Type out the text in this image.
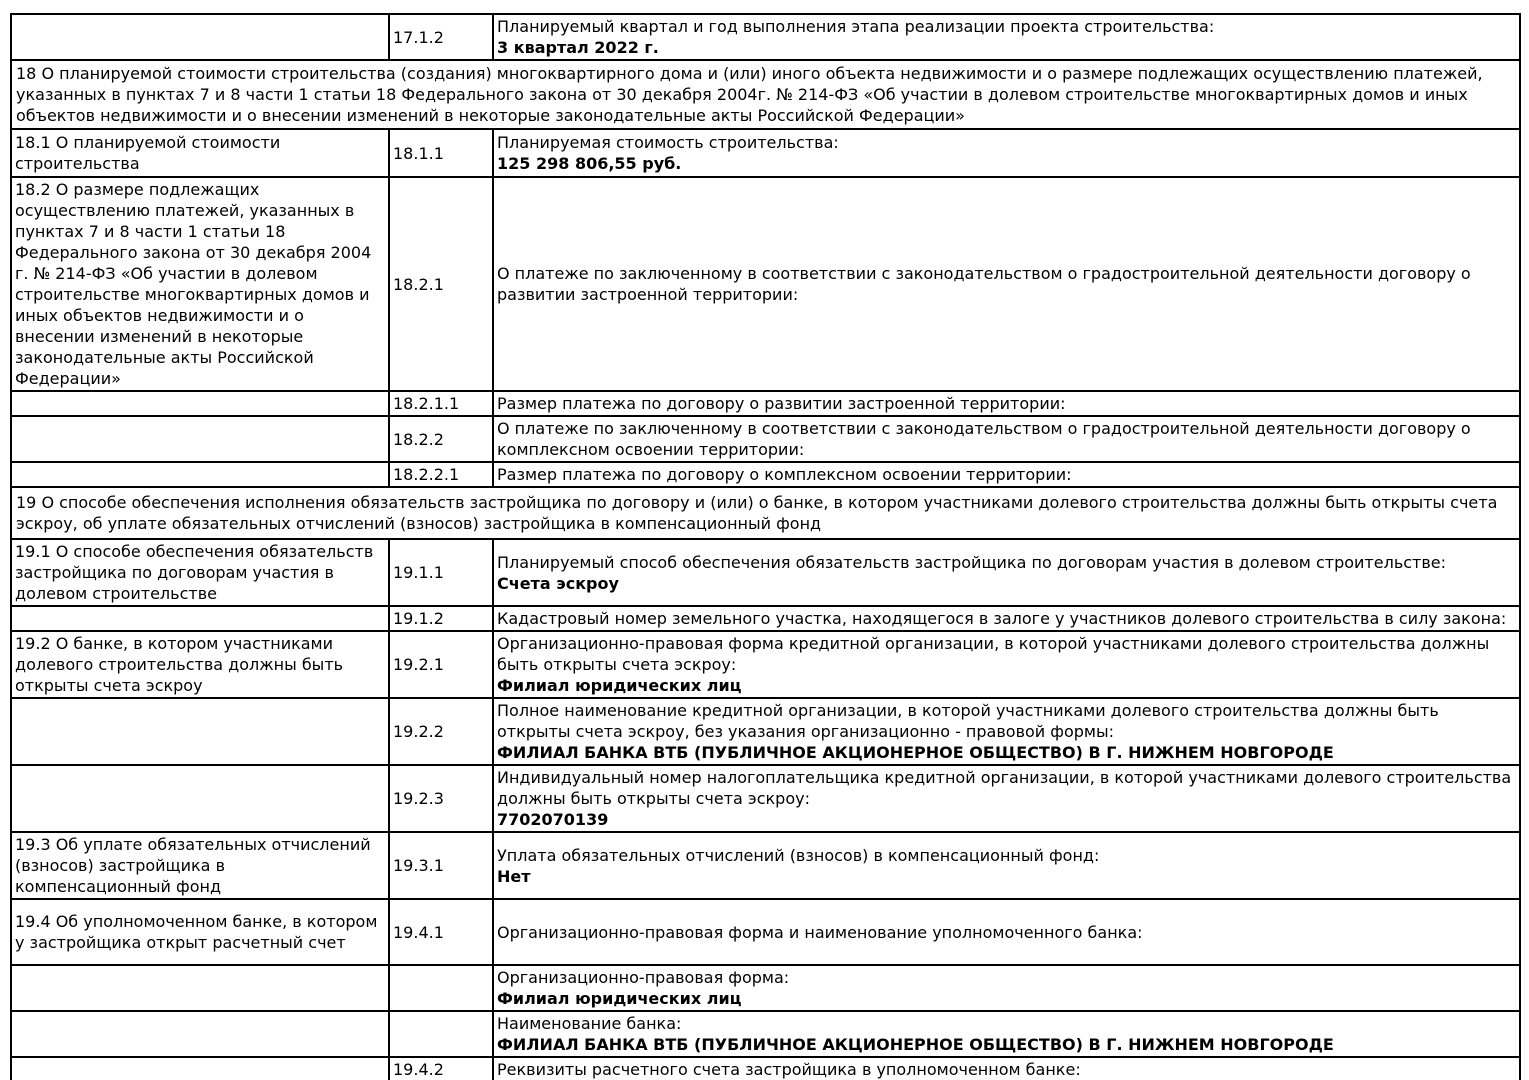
	17.1.2	Планируемый квартал и год выполнения этапа реализации проекта строительства:
3 квартал 2022 г.

18 О планируемой стоимости строительства (создания) многоквартирного дома и (или) иного объекта недвижимости и о размере подлежащих осуществлению платежей, указанных в пунктах 7 и 8 части 1 статьи 18 Федерального закона от 30 декабря 2004г. № 214-ФЗ «Об участии в долевом строительстве многоквартирных домов и иных объектов недвижимости и о внесении изменений в некоторые законодательные акты Российской Федерации»		
18.1 О планируемой стоимости строительства	18.1.1	Планируемая стоимость строительства:
125 298 806,55 руб.

18.2 О размере подлежащих осуществлению платежей, указанных в пунктах 7 и 8 части 1 статьи 18 Федерального закона от 30 декабря 2004 г. № 214-ФЗ «Об участии в долевом строительстве многоквартирных домов и иных объектов недвижимости и о внесении изменений в некоторые законодательные акты Российской Федерации»	18.2.1	О платеже по заключенному в соответствии с законодательством о градостроительной деятельности договору о развитии застроенной территории:

	18.2.1.1	Размер платежа по договору о развитии застроенной территории:

	18.2.2	О платеже по заключенному в соответствии с законодательством о градостроительной деятельности договору о комплексном освоении территории:

	18.2.2.1	Размер платежа по договору о комплексном освоении территории:

19 О способе обеспечения исполнения обязательств застройщика по договору и (или) о банке, в котором участниками долевого строительства должны быть открыты счета эскроу, об уплате обязательных отчислений (взносов) застройщика в компенсационный фонд		
19.1 О способе обеспечения обязательств застройщика по договорам участия в долевом строительстве	19.1.1	Планируемый способ обеспечения обязательств застройщика по договорам участия в долевом строительстве:
Счета эскроу

	19.1.2	Кадастровый номер земельного участка, находящегося в залоге у участников долевого строительства в силу закона:

19.2 О банке, в котором участниками долевого строительства должны быть открыты счета эскроу	19.2.1	Организационно-правовая форма кредитной организации, в которой участниками долевого строительства должны быть открыты счета эскроу:
Филиал юридических лиц

	19.2.2	Полное наименование кредитной организации, в которой участниками долевого строительства должны быть открыты счета эскроу, без указания организационно - правовой формы:
ФИЛИАЛ БАНКА ВТБ (ПУБЛИЧНОЕ АКЦИОНЕРНОЕ ОБЩЕСТВО) В Г. НИЖНЕМ НОВГОРОДЕ

	19.2.3	Индивидуальный номер налогоплательщика кредитной организации, в которой участниками долевого строительства должны быть открыты счета эскроу:
7702070139

19.3 Об уплате обязательных отчислений (взносов) застройщика в компенсационный фонд	19.3.1	Уплата обязательных отчислений (взносов) в компенсационный фонд:
Нет

19.4 Об уполномоченном банке, в котором у застройщика открыт расчетный счет	19.4.1	Организационно-правовая форма и наименование уполномоченного банка:

		Организационно-правовая форма:
Филиал юридических лиц

		Наименование банка:
ФИЛИАЛ БАНКА ВТБ (ПУБЛИЧНОЕ АКЦИОНЕРНОЕ ОБЩЕСТВО) В Г. НИЖНЕМ НОВГОРОДЕ

	19.4.2	Реквизиты расчетного счета застройщика в уполномоченном банке:
